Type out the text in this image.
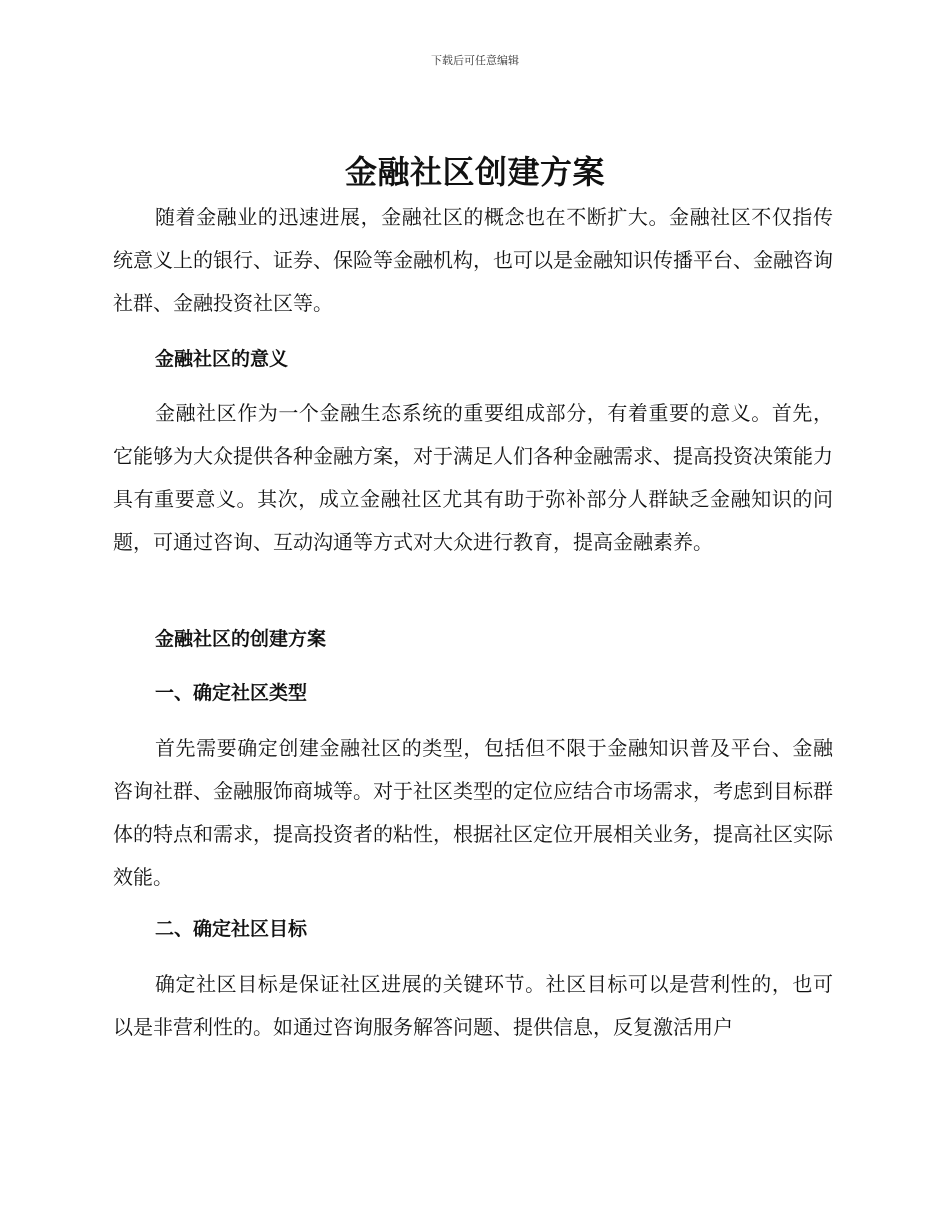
下载后可任意编辑
金融社区创建方案

随着金融业的迅速进展，金融社区的概念也在不断扩大。金融社区不仅指传统意义上的银行、证券、保险等金融机构，也可以是金融知识传播平台、金融咨询社群、金融投资社区等。

金融社区的意义

金融社区作为一个金融生态系统的重要组成部分，有着重要的意义。首先，它能够为大众提供各种金融方案，对于满足人们各种金融需求、提高投资决策能力具有重要意义。其次，成立金融社区尤其有助于弥补部分人群缺乏金融知识的问题，可通过咨询、互动沟通等方式对大众进行教育，提高金融素养。

金融社区的创建方案
一、确定社区类型

首先需要确定创建金融社区的类型，包括但不限于金融知识普及平台、金融咨询社群、金融服饰商城等。对于社区类型的定位应结合市场需求，考虑到目标群体的特点和需求，提高投资者的粘性，根据社区定位开展相关业务，提高社区实际效能。

二、确定社区目标

确定社区目标是保证社区进展的关键环节。社区目标可以是营利性的，也可以是非营利性的。如通过咨询服务解答问题、提供信息，反复激活用户
